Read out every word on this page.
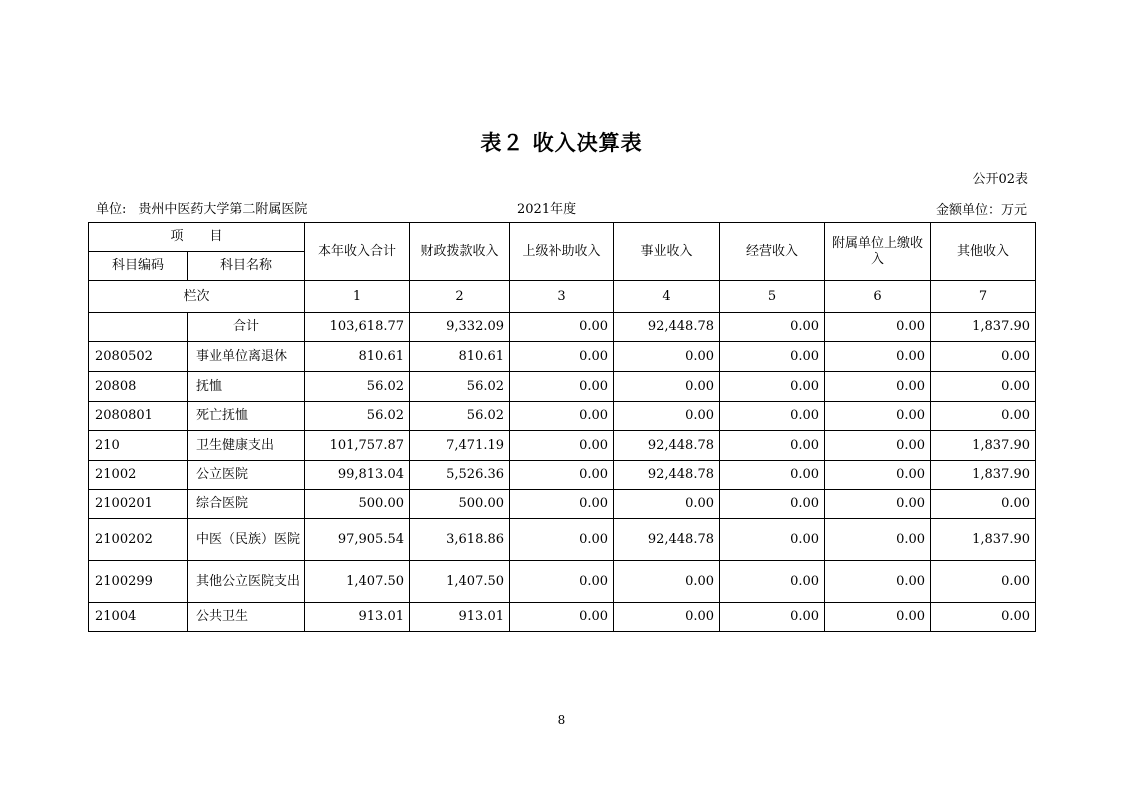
表２ 收入决算表
公开02表
单位: 贵州中医药大学第二附属医院	2021年度	金额单位：万元
项　　目		本年收入合计	财政拨款收入	上级补助收入	事业收入	经营收入	附属单位上缴收入	其他收入
科目编码	科目名称							
栏次		1	2	3	4	5	6	7
	合计	103,618.77	9,332.09	0.00	92,448.78	0.00	0.00	1,837.90
2080502	事业单位离退休	810.61	810.61	0.00	0.00	0.00	0.00	0.00
20808	抚恤	56.02	56.02	0.00	0.00	0.00	0.00	0.00
2080801	死亡抚恤	56.02	56.02	0.00	0.00	0.00	0.00	0.00
210	卫生健康支出	101,757.87	7,471.19	0.00	92,448.78	0.00	0.00	1,837.90
21002	公立医院	99,813.04	5,526.36	0.00	92,448.78	0.00	0.00	1,837.90
2100201	综合医院	500.00	500.00	0.00	0.00	0.00	0.00	0.00
2100202	中医（民族）医院	97,905.54	3,618.86	0.00	92,448.78	0.00	0.00	1,837.90
2100299	其他公立医院支出	1,407.50	1,407.50	0.00	0.00	0.00	0.00	0.00
21004	公共卫生	913.01	913.01	0.00	0.00	0.00	0.00	0.00
8
